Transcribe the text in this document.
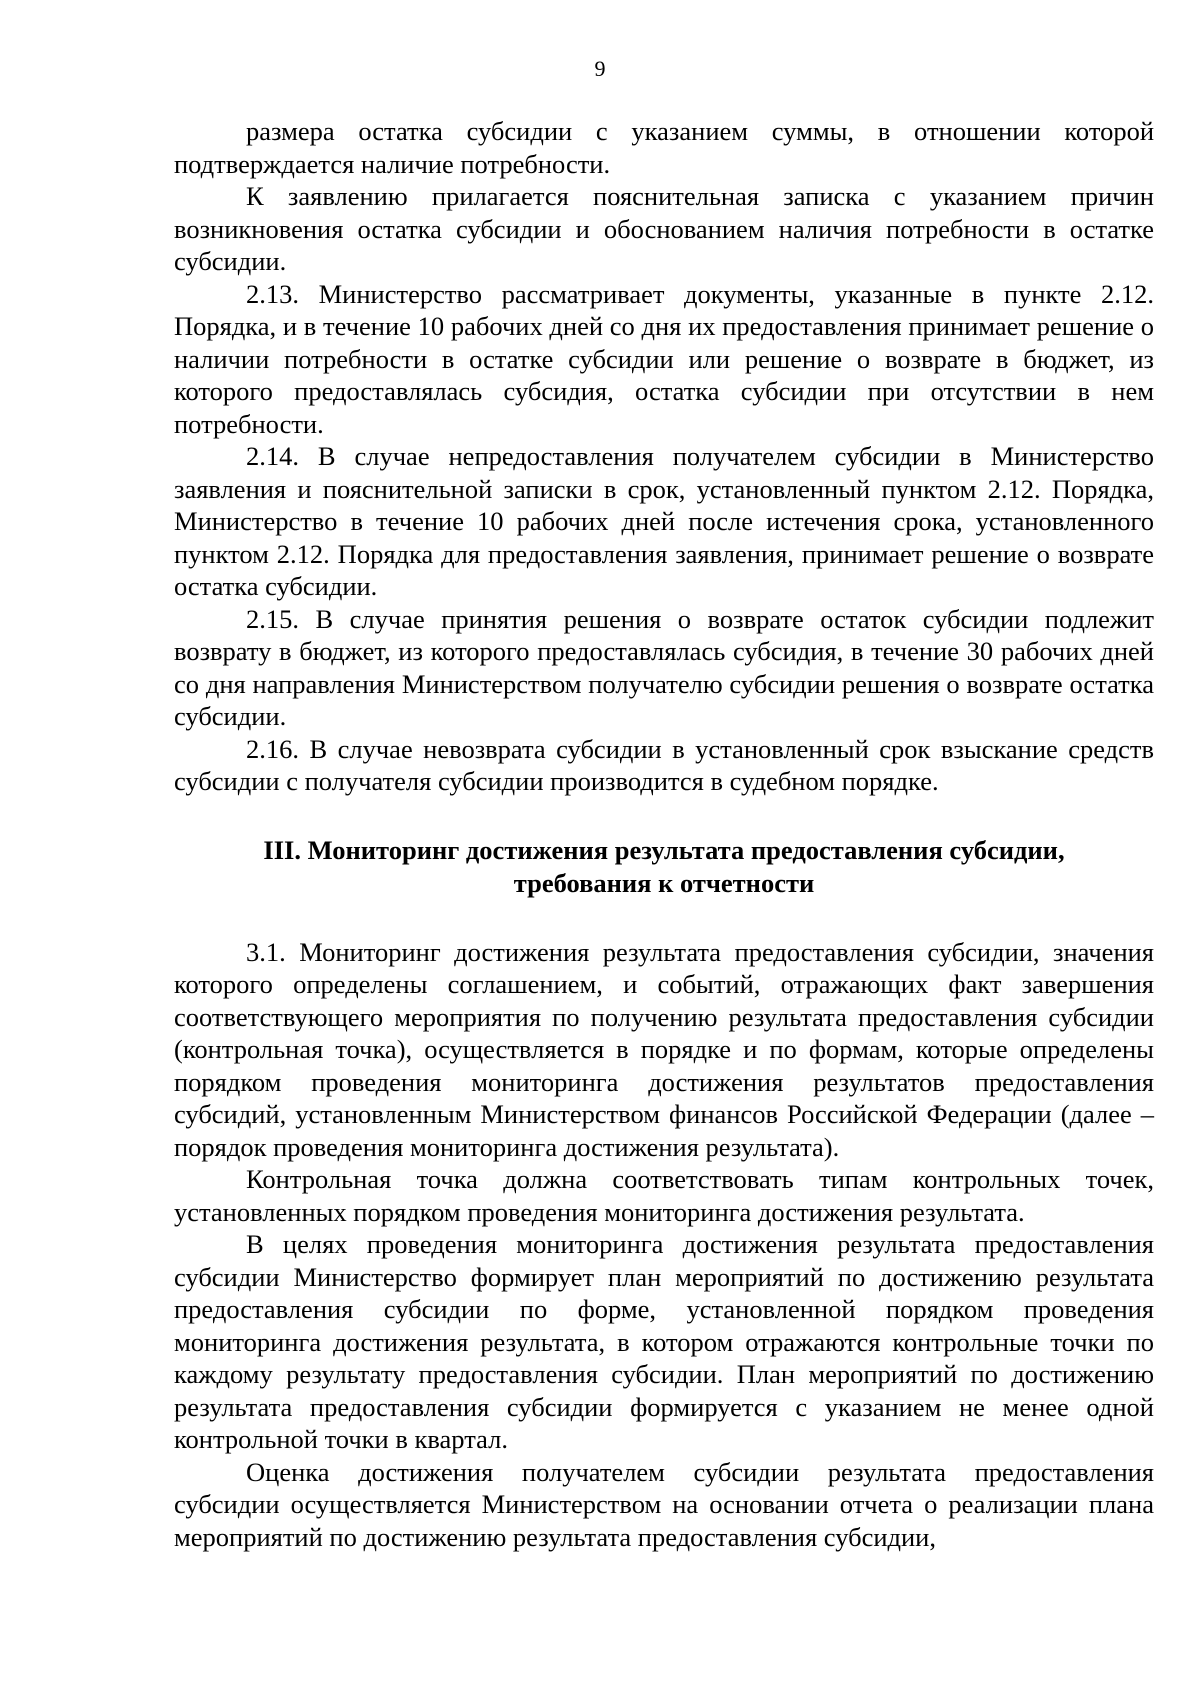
9

размера остатка субсидии с указанием суммы, в отношении которой подтверждается наличие потребности.

К заявлению прилагается пояснительная записка с указанием причин возникновения остатка субсидии и обоснованием наличия потребности в остатке субсидии.

2.13. Министерство рассматривает документы, указанные в пункте 2.12. Порядка, и в течение 10 рабочих дней со дня их предоставления принимает решение о наличии потребности в остатке субсидии или решение о возврате в бюджет, из которого предоставлялась субсидия, остатка субсидии при отсутствии в нем потребности.

2.14. В случае непредоставления получателем субсидии в Министерство заявления и пояснительной записки в срок, установленный пунктом 2.12. Порядка, Министерство в течение 10 рабочих дней после истечения срока, установленного пунктом 2.12. Порядка для предоставления заявления, принимает решение о возврате остатка субсидии.

2.15. В случае принятия решения о возврате остаток субсидии подлежит возврату в бюджет, из которого предоставлялась субсидия, в течение 30 рабочих дней со дня направления Министерством получателю субсидии решения о возврате остатка субсидии.

2.16. В случае невозврата субсидии в установленный срок взыскание средств субсидии с получателя субсидии производится в судебном порядке.

III. Мониторинг достижения результата предоставления субсидии,
требования к отчетности

3.1. Мониторинг достижения результата предоставления субсидии, значения которого определены соглашением, и событий, отражающих факт завершения соответствующего мероприятия по получению результата предоставления субсидии (контрольная точка), осуществляется в порядке и по формам, которые определены порядком проведения мониторинга достижения результатов предоставления субсидий, установленным Министерством финансов Российской Федерации (далее – порядок проведения мониторинга достижения результата).

Контрольная точка должна соответствовать типам контрольных точек, установленных порядком проведения мониторинга достижения результата.

В целях проведения мониторинга достижения результата предоставления субсидии Министерство формирует план мероприятий по достижению результата предоставления субсидии по форме, установленной порядком проведения мониторинга достижения результата, в котором отражаются контрольные точки по каждому результату предоставления субсидии. План мероприятий по достижению результата предоставления субсидии формируется с указанием не менее одной контрольной точки в квартал.

Оценка достижения получателем субсидии результата предоставления субсидии осуществляется Министерством на основании отчета о реализации плана мероприятий по достижению результата предоставления субсидии,
